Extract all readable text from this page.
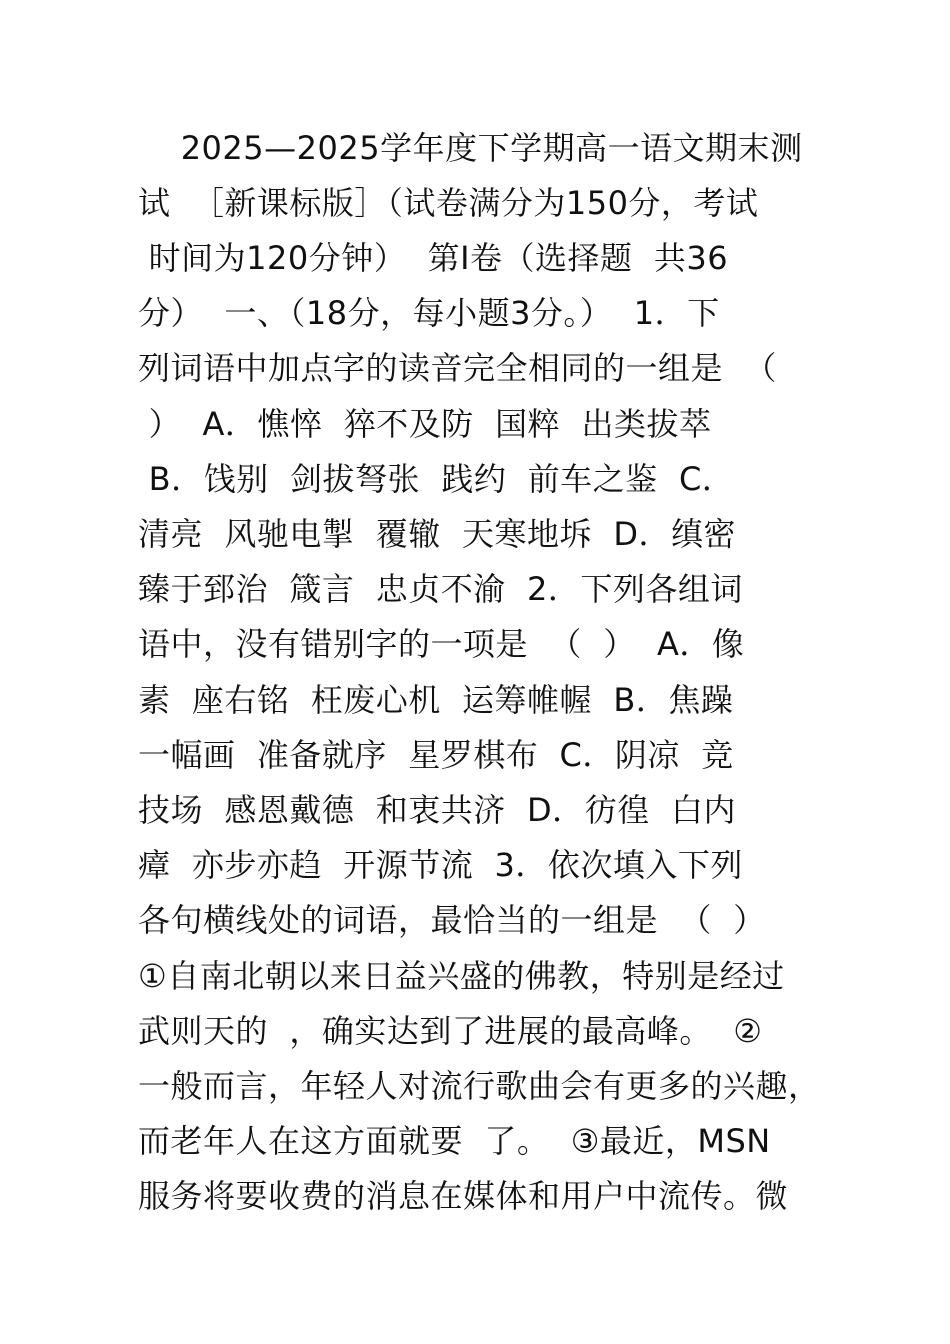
2025—2025学年度下学期高一语文期末测
试  ［新课标版］（试卷满分为150分，考试
时间为120分钟）  第Ⅰ卷（选择题  共36
分）  一、（18分，每小题3分。）  1．下
列词语中加点字的读音完全相同的一组是  （
）  A．憔悴  猝不及防  国粹  出类拔萃
B．饯别  剑拔弩张  践约  前车之鉴  C．
清亮  风驰电掣  覆辙  天寒地坼  D．缜密
臻于郅治  箴言  忠贞不渝  2．下列各组词
语中，没有错别字的一项是  （  ）  A．像
素  座右铭  枉废心机  运筹帷幄  B．焦躁
一幅画  准备就序  星罗棋布  C．阴凉  竞
技场  感恩戴德  和衷共济  D．彷徨  白内
瘴  亦步亦趋  开源节流  3．依次填入下列
各句横线处的词语，最恰当的一组是  （  ）
①自南北朝以来日益兴盛的佛教，特别是经过
武则天的  ，确实达到了进展的最高峰。  ②
一般而言，年轻人对流行歌曲会有更多的兴趣，
而老年人在这方面就要  了。  ③最近，MSN
服务将要收费的消息在媒体和用户中流传。微
